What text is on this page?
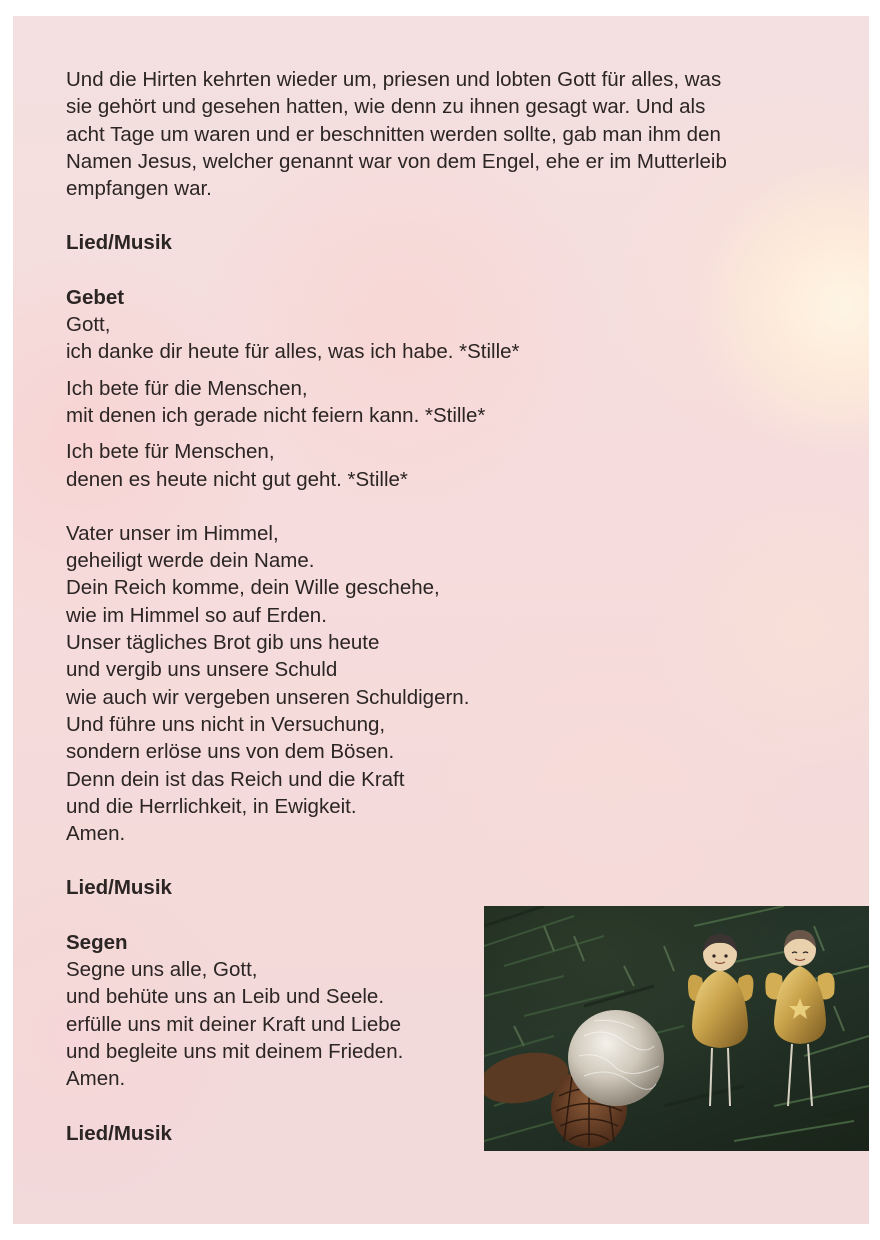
Und die Hirten kehrten wieder um, priesen und lobten Gott für alles, was

sie gehört und gesehen hatten, wie denn zu ihnen gesagt war. Und als

acht Tage um waren und er beschnitten werden sollte, gab man ihm den

Namen Jesus, welcher genannt war von dem Engel, ehe er im Mutterleib

empfangen war.

Lied/Musik

Gebet

Gott,

ich danke dir heute für alles, was ich habe. *Stille*

Ich bete für die Menschen,

mit denen ich gerade nicht feiern kann. *Stille*

Ich bete für Menschen,

denen es heute nicht gut geht. *Stille*

Vater unser im Himmel,

geheiligt werde dein Name.

Dein Reich komme, dein Wille geschehe,

wie im Himmel so auf Erden.

Unser tägliches Brot gib uns heute

und vergib uns unsere Schuld

wie auch wir vergeben unseren Schuldigern.

Und führe uns nicht in Versuchung,

sondern erlöse uns von dem Bösen.

Denn dein ist das Reich und die Kraft

und die Herrlichkeit, in Ewigkeit.

Amen.

Lied/Musik

Segen

Segne uns alle, Gott,

und behüte uns an Leib und Seele.

erfülle uns mit deiner Kraft und Liebe

und begleite uns mit deinem Frieden.

Amen.

Lied/Musik
